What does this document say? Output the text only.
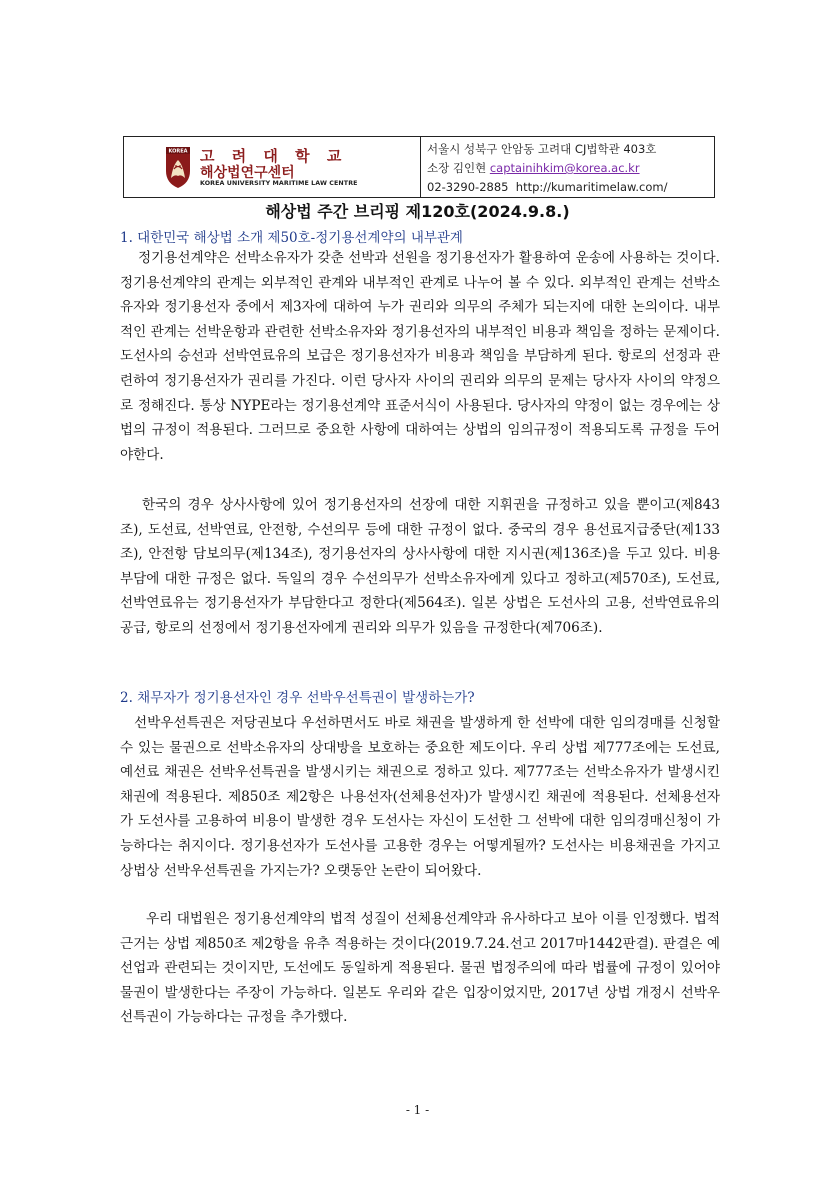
KOREA 고 려 대 학 교
해상법연구센터
KOREA UNIVERSITY MARITIME LAW CENTRE
서울시 성북구 안암동 고려대 CJ법학관 403호
소장 김인현 captainihkim@korea.ac.kr
02-3290-2885 http://kumaritimelaw.com/
해상법 주간 브리핑 제120호(2024.9.8.)
1. 대한민국 해상법 소개 제50호-정기용선계약의 내부관계

정기용선계약은 선박소유자가 갖춘 선박과 선원을 정기용선자가 활용하여 운송에 사용하는 것이다. 정기용선계약의 관계는 외부적인 관계와 내부적인 관계로 나누어 볼 수 있다. 외부적인 관계는 선박소유자와 정기용선자 중에서 제3자에 대하여 누가 권리와 의무의 주체가 되는지에 대한 논의이다. 내부적인 관계는 선박운항과 관련한 선박소유자와 정기용선자의 내부적인 비용과 책임을 정하는 문제이다. 도선사의 승선과 선박연료유의 보급은 정기용선자가 비용과 책임을 부담하게 된다. 항로의 선정과 관련하여 정기용선자가 권리를 가진다. 이런 당사자 사이의 권리와 의무의 문제는 당사자 사이의 약정으로 정해진다. 통상 NYPE라는 정기용선계약 표준서식이 사용된다. 당사자의 약정이 없는 경우에는 상법의 규정이 적용된다. 그러므로 중요한 사항에 대하여는 상법의 임의규정이 적용되도록 규정을 두어야한다.

한국의 경우 상사사항에 있어 정기용선자의 선장에 대한 지휘권을 규정하고 있을 뿐이고(제843조), 도선료, 선박연료, 안전항, 수선의무 등에 대한 규정이 없다. 중국의 경우 용선료지급중단(제133조), 안전항 담보의무(제134조), 정기용선자의 상사사항에 대한 지시권(제136조)을 두고 있다. 비용부담에 대한 규정은 없다. 독일의 경우 수선의무가 선박소유자에게 있다고 정하고(제570조), 도선료, 선박연료유는 정기용선자가 부담한다고 정한다(제564조). 일본 상법은 도선사의 고용, 선박연료유의 공급, 항로의 선정에서 정기용선자에게 권리와 의무가 있음을 규정한다(제706조).

2. 채무자가 정기용선자인 경우 선박우선특권이 발생하는가?

선박우선특권은 저당권보다 우선하면서도 바로 채권을 발생하게 한 선박에 대한 임의경매를 신청할 수 있는 물권으로 선박소유자의 상대방을 보호하는 중요한 제도이다. 우리 상법 제777조에는 도선료, 예선료 채권은 선박우선특권을 발생시키는 채권으로 정하고 있다. 제777조는 선박소유자가 발생시킨 채권에 적용된다. 제850조 제2항은 나용선자(선체용선자)가 발생시킨 채권에 적용된다. 선체용선자가 도선사를 고용하여 비용이 발생한 경우 도선사는 자신이 도선한 그 선박에 대한 임의경매신청이 가능하다는 취지이다. 정기용선자가 도선사를 고용한 경우는 어떻게될까? 도선사는 비용채권을 가지고 상법상 선박우선특권을 가지는가? 오랫동안 논란이 되어왔다.

우리 대법원은 정기용선계약의 법적 성질이 선체용선계약과 유사하다고 보아 이를 인정했다. 법적 근거는 상법 제850조 제2항을 유추 적용하는 것이다(2019.7.24.선고 2017마1442판결). 판결은 예선업과 관련되는 것이지만, 도선에도 동일하게 적용된다. 물권 법정주의에 따라 법률에 규정이 있어야 물권이 발생한다는 주장이 가능하다. 일본도 우리와 같은 입장이었지만, 2017년 상법 개정시 선박우선특권이 가능하다는 규정을 추가했다.

- 1 -
